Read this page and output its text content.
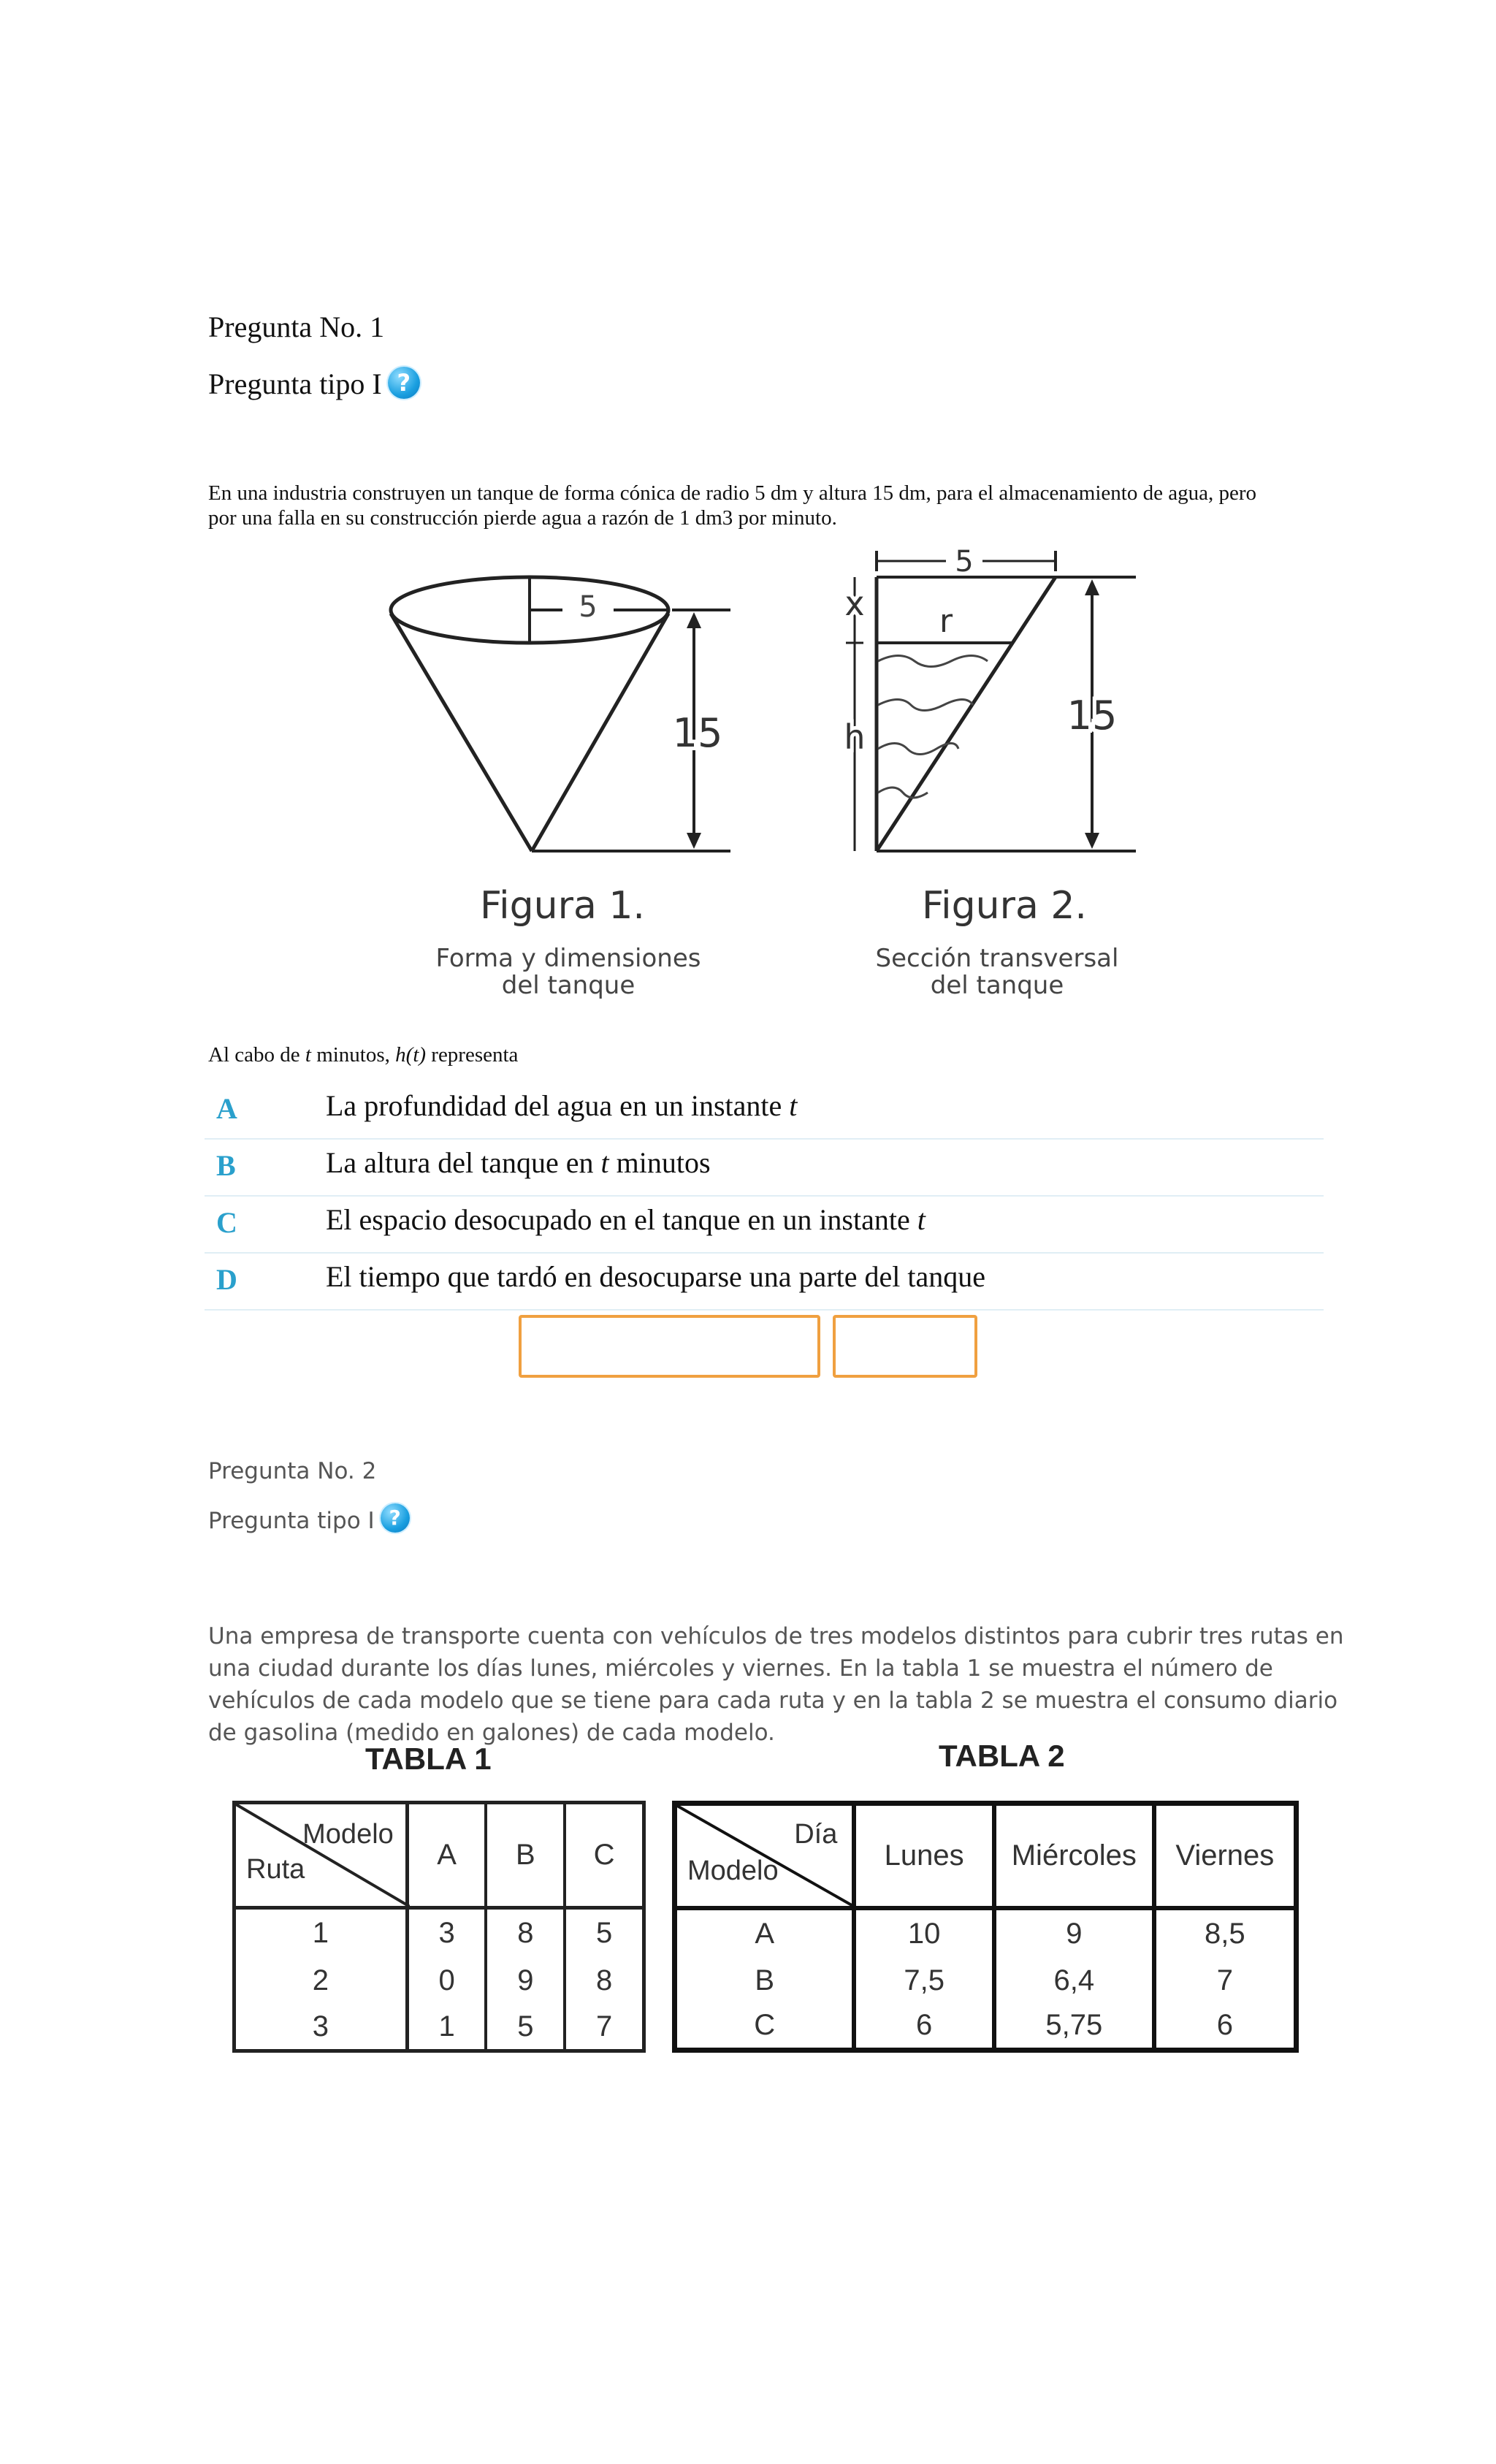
Pregunta No. 1
Pregunta tipo I ?
En una industria construyen un tanque de forma cónica de radio 5 dm y altura 15 dm, para el almacenamiento de agua, pero
por una falla en su construcción pierde agua a razón de 1 dm3 por minuto.
5
15
Figura 1.
Forma y dimensiones
del tanque
5
x r
h	15
Figura 2.
Sección transversal
del tanque
Al cabo de t minutos, h(t) representa
A	La profundidad del agua en un instante t
B	La altura del tanque en t minutos
C	El espacio desocupado en el tanque en un instante t
D	El tiempo que tardó en desocuparse una parte del tanque
Pregunta No. 2
Pregunta tipo I ?
Una empresa de transporte cuenta con vehículos de tres modelos distintos para cubrir tres rutas en
una ciudad durante los días lunes, miércoles y viernes. En la tabla 1 se muestra el número de
vehículos de cada modelo que se tiene para cada ruta y en la tabla 2 se muestra el consumo diario
de gasolina (medido en galones) de cada modelo.
TABLA 1
Modelo
Ruta	A	B	C
1	3	8	5
2	0	9	8
3	1	5	7
TABLA 2
Día
Modelo	Lunes	Miércoles	Viernes
A	10	9	8,5
B	7,5	6,4	7
C	6	5,75	6
